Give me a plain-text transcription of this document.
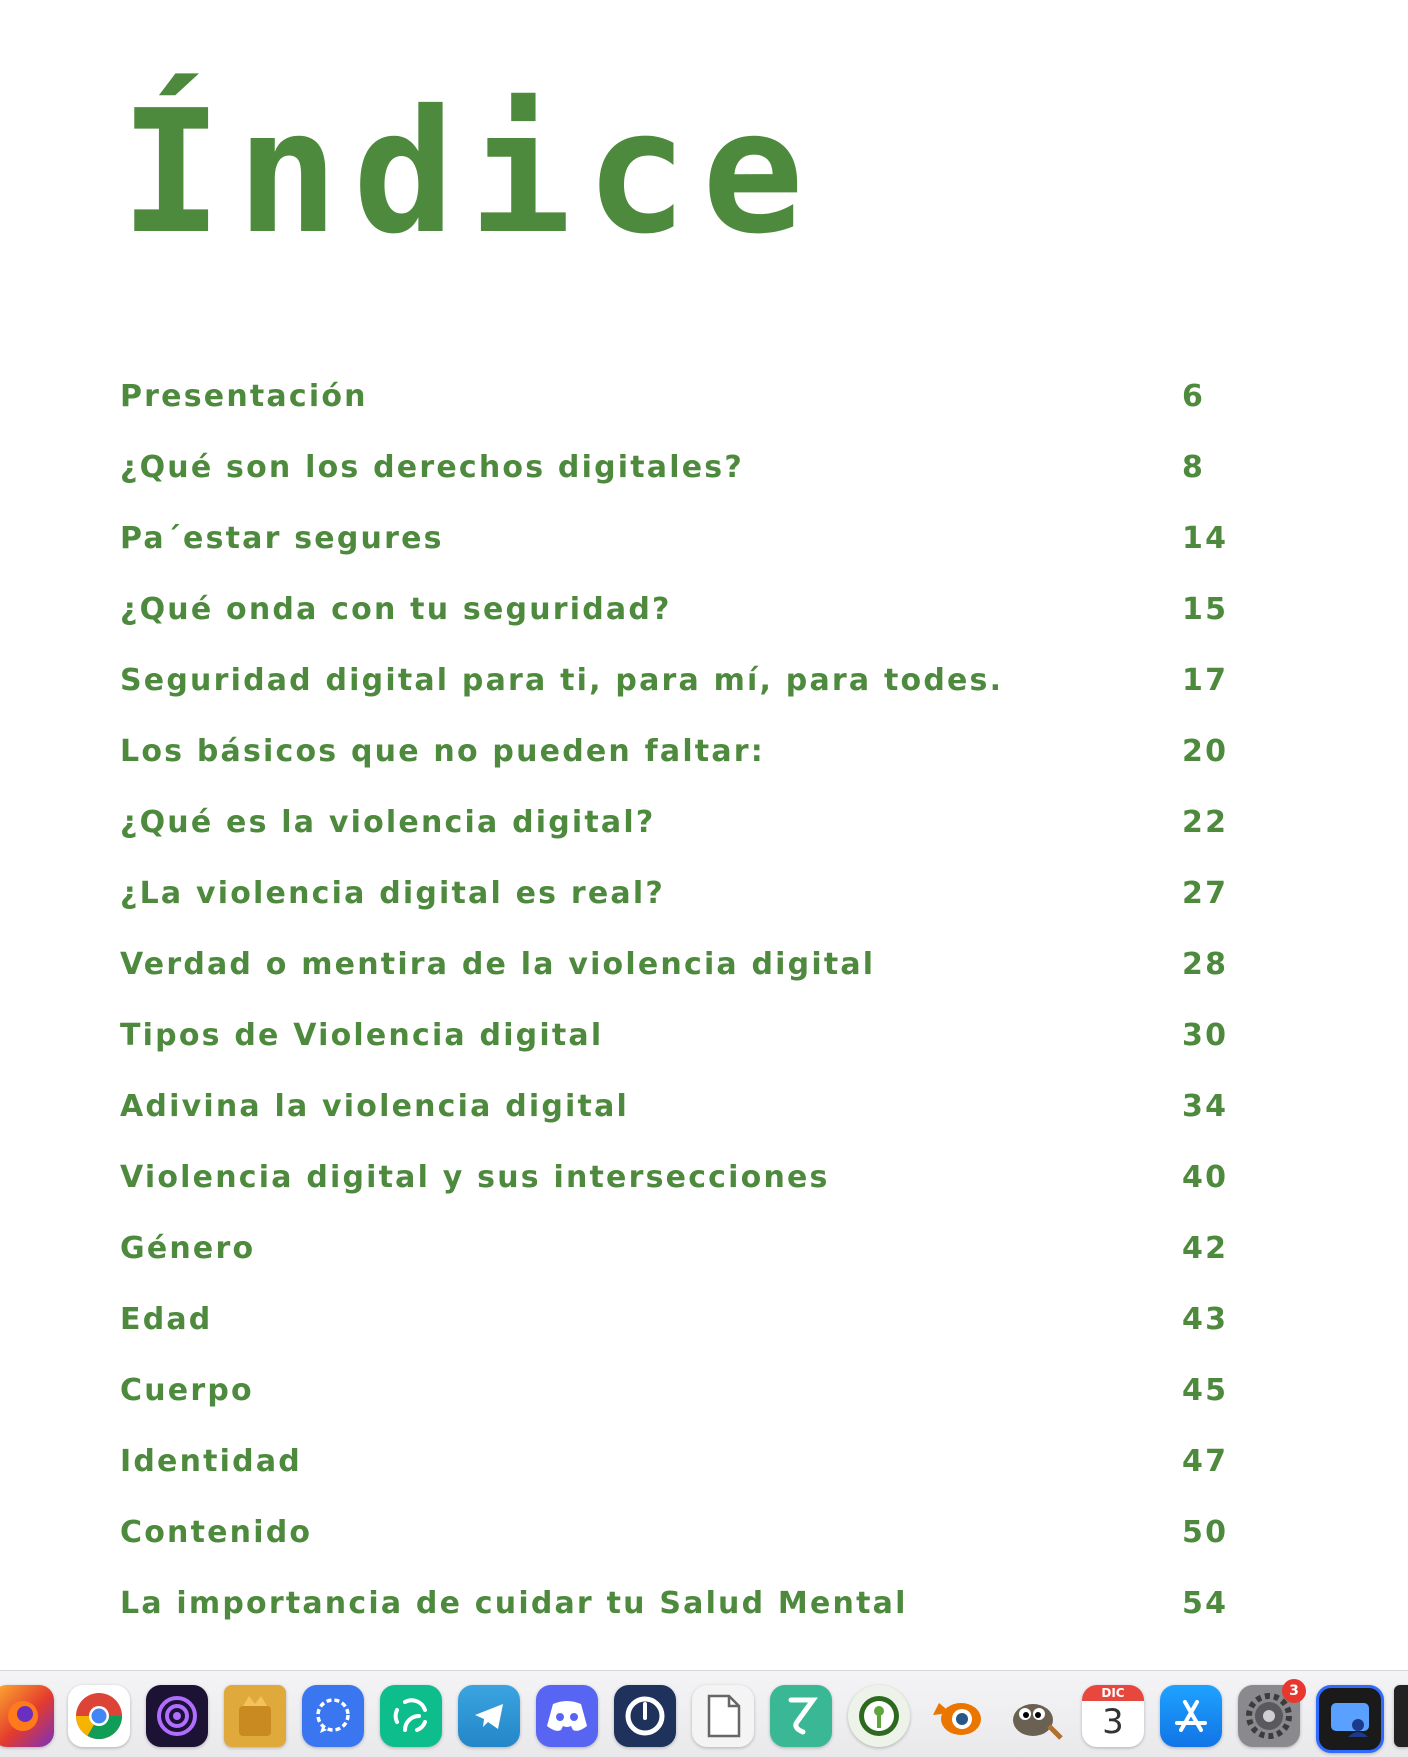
Índice
Presentación	6
¿Qué son los derechos digitales?	8
Pa´estar segures	14
¿Qué onda con tu seguridad?	15
Seguridad digital para ti, para mí, para todes.	17
Los básicos que no pueden faltar:	20
¿Qué es la violencia digital?	22
¿La violencia digital es real?	27
Verdad o mentira de la violencia digital	28
Tipos de Violencia digital	30
Adivina la violencia digital	34
Violencia digital y sus intersecciones	40
Género	42
Edad	43
Cuerpo	45
Identidad	47
Contenido	50
La importancia de cuidar tu Salud Mental	54
DIC
3
3
